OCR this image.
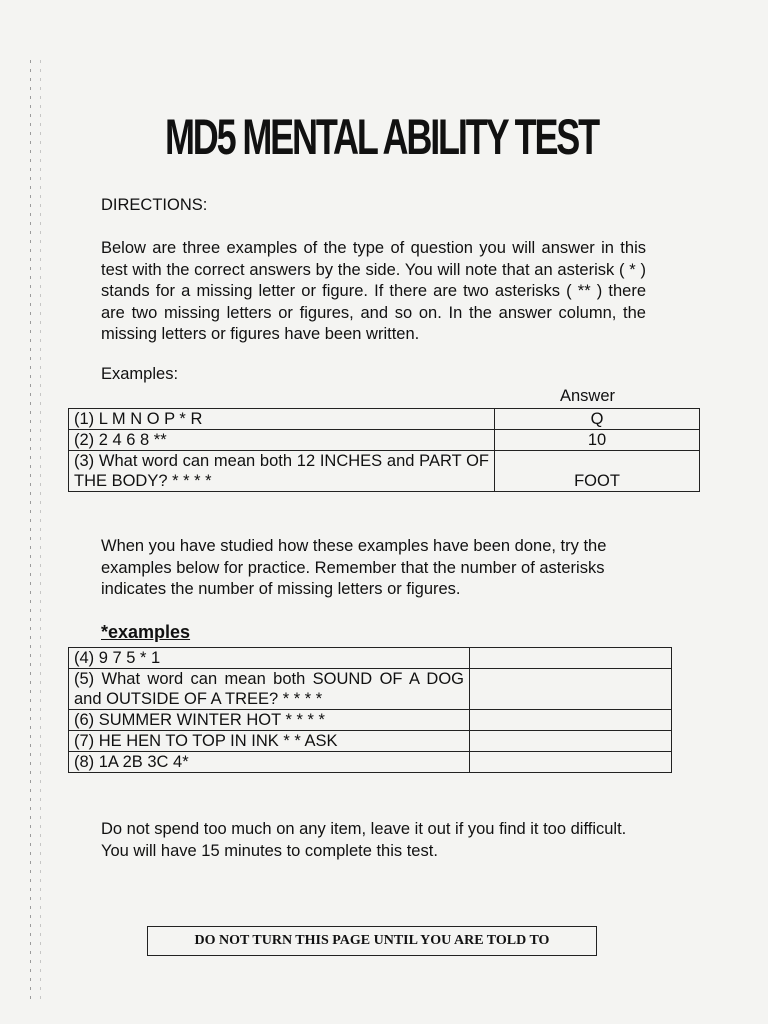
MD5 MENTAL ABILITY TEST
DIRECTIONS:
Below are three examples of the type of question you will answer in this test with the correct answers by the side. You will note that an asterisk ( * ) stands for a missing letter or figure. If there are two asterisks ( ** ) there are two missing letters or figures, and so on. In the answer column, the missing letters or figures have been written.
Examples:
Answer
(1) L M N O P * R	Q
(2) 2 4 6 8 **	10
(3) What word can mean both 12 INCHES and PART OF THE BODY? * * * *	FOOT
When you have studied how these examples have been done, try the examples below for practice. Remember that the number of asterisks indicates the number of missing letters or figures.
*examples
(4) 9 7 5 * 1	
(5) What word can mean both SOUND OF A DOG and OUTSIDE OF A TREE? * * * *	
(6) SUMMER WINTER HOT * * * *	
(7) HE HEN TO TOP IN INK * * ASK	
(8) 1A 2B 3C 4*	
Do not spend too much on any item, leave it out if you find it too difficult. You will have 15 minutes to complete this test.
DO NOT TURN THIS PAGE UNTIL YOU ARE TOLD TO
